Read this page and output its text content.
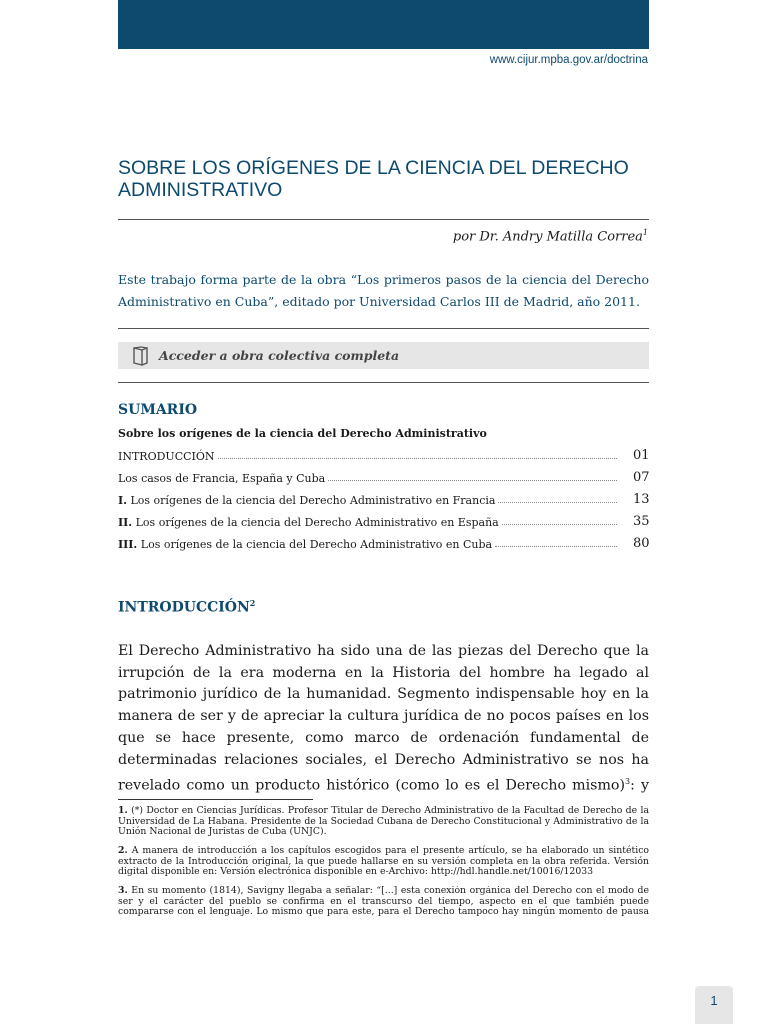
www.cijur.mpba.gov.ar/doctrina
SOBRE LOS ORÍGENES DE LA CIENCIA DEL DERECHO ADMINISTRATIVO
por Dr. Andry Matilla Correa$^1$

Este trabajo forma parte de la obra “Los primeros pasos de la ciencia del Derecho Administrativo en Cuba”, editado por Universidad Carlos III de Madrid, año 2011.

Acceder a obra colectiva completa
SUMARIO
Sobre los orígenes de la ciencia del Derecho Administrativo
INTRODUCCIÓN	01
Los casos de Francia, España y Cuba	07
I. Los orígenes de la ciencia del Derecho Administrativo en Francia	13
II. Los orígenes de la ciencia del Derecho Administrativo en España	35
III. Los orígenes de la ciencia del Derecho Administrativo en Cuba	80
INTRODUCCIÓN$^2$

El Derecho Administrativo ha sido una de las piezas del Derecho que la irrupción de la era moderna en la Historia del hombre ha legado al patrimonio jurídico de la humanidad. Segmento indispensable hoy en la manera de ser y de apreciar la cultura jurídica de no pocos países en los que se hace presente, como marco de ordenación fundamental de determinadas relaciones sociales, el Derecho Administrativo se nos ha revelado como un producto histórico (como lo es el Derecho mismo)$^3$: y

1. (*) Doctor en Ciencias Jurídicas. Profesor Titular de Derecho Administrativo de la Facultad de Derecho de la Universidad de La Habana. Presidente de la Sociedad Cubana de Derecho Constitucional y Administrativo de la Unión Nacional de Juristas de Cuba (UNJC).

2. A manera de introducción a los capítulos escogidos para el presente artículo, se ha elaborado un sintético extracto de la Introducción original, la que puede hallarse en su versión completa en la obra referida. Versión digital disponible en: Versión electrónica disponible en e-Archivo: http://hdl.handle.net/10016/12033

3. En su momento (1814), Savigny llegaba a señalar: “[...] esta conexión orgánica del Derecho con el modo de ser y el carácter del pueblo se confirma en el transcurso del tiempo, aspecto en el que también puede compararse con el lenguaje. Lo mismo que para este, para el Derecho tampoco hay ningún momento de pausa

1
